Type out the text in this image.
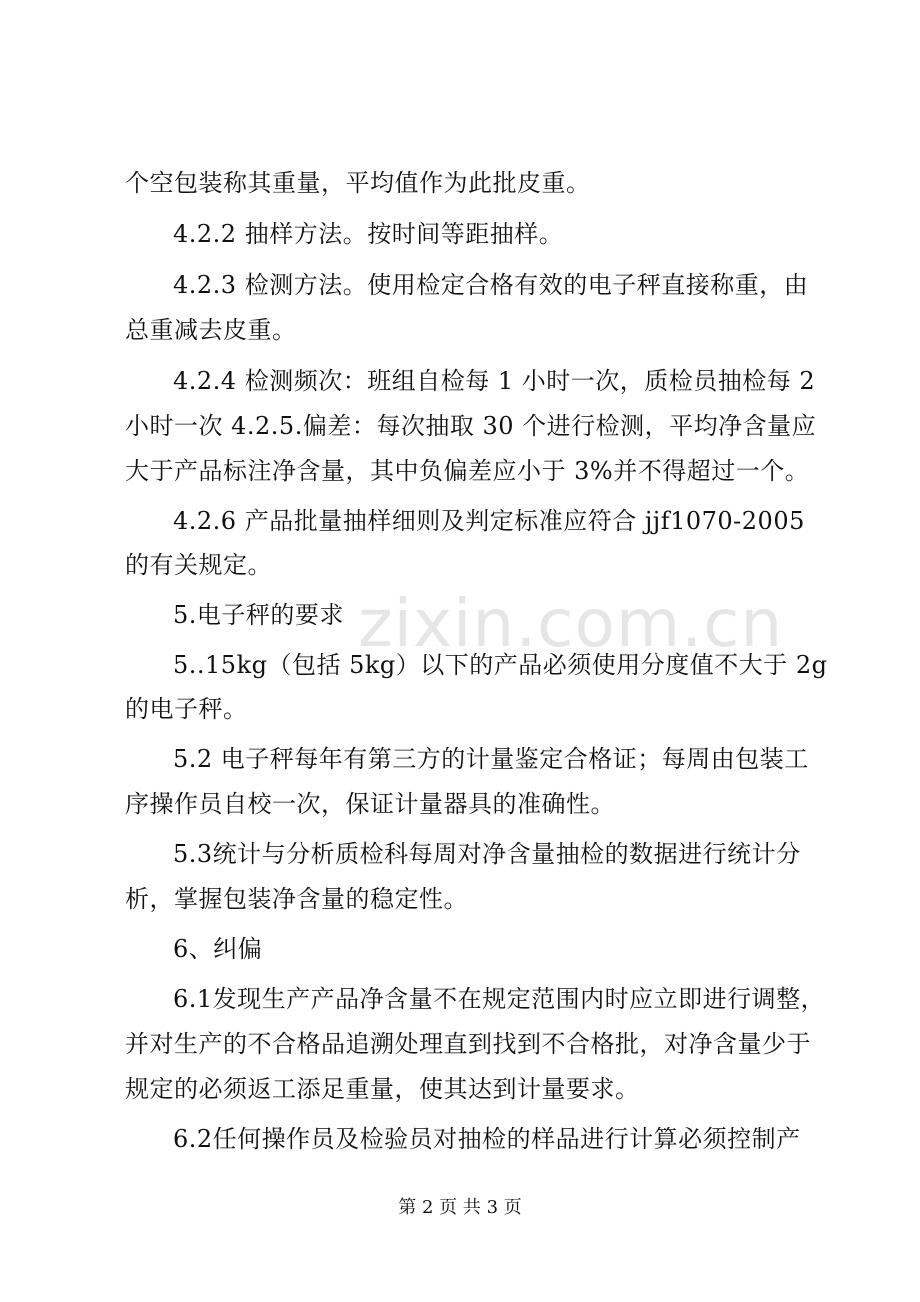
zixin.com.cn
个空包装称其重量，平均值作为此批皮重。
4.2.2 抽样方法。按时间等距抽样。
4.2.3 检测方法。使用检定合格有效的电子秤直接称重，由
总重减去皮重。
4.2.4 检测频次：班组自检每 1 小时一次，质检员抽检每 2
小时一次 4.2.5.偏差：每次抽取 30 个进行检测，平均净含量应
大于产品标注净含量，其中负偏差应小于 3%并不得超过一个。
4.2.6 产品批量抽样细则及判定标准应符合 jjf1070-2005
的有关规定。
5.电子秤的要求
5..15kg（包括 5kg）以下的产品必须使用分度值不大于 2g
的电子秤。
5.2 电子秤每年有第三方的计量鉴定合格证；每周由包装工
序操作员自校一次，保证计量器具的准确性。
5.3统计与分析质检科每周对净含量抽检的数据进行统计分
析，掌握包装净含量的稳定性。
6、纠偏
6.1发现生产产品净含量不在规定范围内时应立即进行调整，
并对生产的不合格品追溯处理直到找到不合格批，对净含量少于
规定的必须返工添足重量，使其达到计量要求。
6.2任何操作员及检验员对抽检的样品进行计算必须控制产
第 2 页 共 3 页
